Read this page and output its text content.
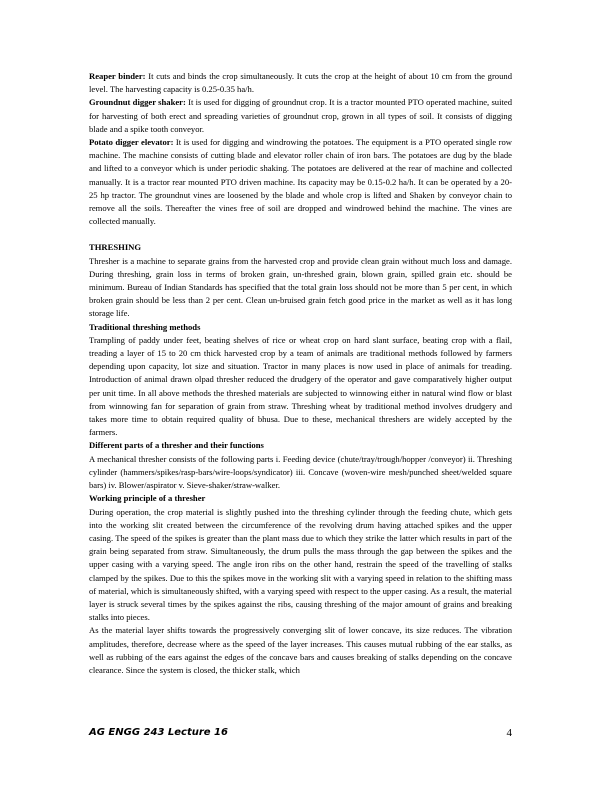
Reaper binder: It cuts and binds the crop simultaneously. It cuts the crop at the height of about 10 cm from the ground level. The harvesting capacity is 0.25-0.35 ha/h.

Groundnut digger shaker: It is used for digging of groundnut crop. It is a tractor mounted PTO operated machine, suited for harvesting of both erect and spreading varieties of groundnut crop, grown in all types of soil. It consists of digging blade and a spike tooth conveyor.

Potato digger elevator: It is used for digging and windrowing the potatoes. The equipment is a PTO operated single row machine. The machine consists of cutting blade and elevator roller chain of iron bars. The potatoes are dug by the blade and lifted to a conveyor which is under periodic shaking. The potatoes are delivered at the rear of machine and collected manually. It is a tractor rear mounted PTO driven machine. Its capacity may be 0.15-0.2 ha/h. It can be operated by a 20-25 hp tractor. The groundnut vines are loosened by the blade and whole crop is lifted and Shaken by conveyor chain to remove all the soils. Thereafter the vines free of soil are dropped and windrowed behind the machine. The vines are collected manually.

THRESHING

Thresher is a machine to separate grains from the harvested crop and provide clean grain without much loss and damage. During threshing, grain loss in terms of broken grain, un-threshed grain, blown grain, spilled grain etc. should be minimum. Bureau of Indian Standards has specified that the total grain loss should not be more than 5 per cent, in which broken grain should be less than 2 per cent. Clean un-bruised grain fetch good price in the market as well as it has long storage life.

Traditional threshing methods

Trampling of paddy under feet, beating shelves of rice or wheat crop on hard slant surface, beating crop with a flail, treading a layer of 15 to 20 cm thick harvested crop by a team of animals are traditional methods followed by farmers depending upon capacity, lot size and situation. Tractor in many places is now used in place of animals for treading. Introduction of animal drawn olpad thresher reduced the drudgery of the operator and gave comparatively higher output per unit time. In all above methods the threshed materials are subjected to winnowing either in natural wind flow or blast from winnowing fan for separation of grain from straw. Threshing wheat by traditional method involves drudgery and takes more time to obtain required quality of bhusa. Due to these, mechanical threshers are widely accepted by the farmers.

Different parts of a thresher and their functions

A mechanical thresher consists of the following parts i. Feeding device (chute/tray/trough/hopper /conveyor) ii. Threshing cylinder (hammers/spikes/rasp-bars/wire-loops/syndicator) iii. Concave (woven-wire mesh/punched sheet/welded square bars) iv. Blower/aspirator v. Sieve-shaker/straw-walker.

Working principle of a thresher

During operation, the crop material is slightly pushed into the threshing cylinder through the feeding chute, which gets into the working slit created between the circumference of the revolving drum having attached spikes and the upper casing. The speed of the spikes is greater than the plant mass due to which they strike the latter which results in part of the grain being separated from straw. Simultaneously, the drum pulls the mass through the gap between the spikes and the upper casing with a varying speed. The angle iron ribs on the other hand, restrain the speed of the travelling of stalks clamped by the spikes. Due to this the spikes move in the working slit with a varying speed in relation to the shifting mass of material, which is simultaneously shifted, with a varying speed with respect to the upper casing. As a result, the material layer is struck several times by the spikes against the ribs, causing threshing of the major amount of grains and breaking stalks into pieces.

As the material layer shifts towards the progressively converging slit of lower concave, its size reduces. The vibration amplitudes, therefore, decrease where as the speed of the layer increases. This causes mutual rubbing of the ear stalks, as well as rubbing of the ears against the edges of the concave bars and causes breaking of stalks depending on the concave clearance. Since the system is closed, the thicker stalk, which

AG ENGG 243 Lecture 16	4
